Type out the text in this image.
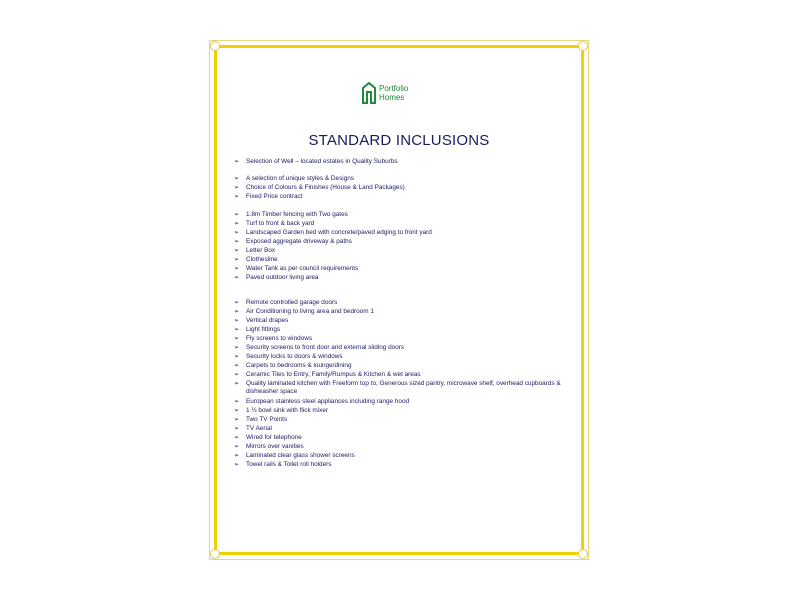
Portfolio
Homes
STANDARD INCLUSIONS
➢	Selection of Well – located estates in Quality Suburbs
➢	A selection of unique styles & Designs
➢	Choice of Colours & Finishes (House & Land Packages)
➢	Fixed Price contract
➢	1.8m Timber fencing with Two gates
➢	Turf to front & back yard
➢	Landscaped Garden bed with concrete/paved edging to front yard
➢	Exposed aggregate driveway & paths
➢	Letter Box
➢	Clothesline
➢	Water Tank as per council requirements
➢	Paved outdoor living area
➢	Remote controlled garage doors
➢	Air Conditioning to living area and bedroom 1
➢	Vertical drapes
➢	Light fittings
➢	Fly screens to windows
➢	Security screens to front door and external sliding doors
➢	Security locks to doors & windows
➢	Carpets to bedrooms & lounge/dining
➢	Ceramic Tiles to Entry, Family/Rumpus & Kitchen & wet areas
➢	Quality laminated kitchen with Freeform top to, Generous sized pantry, microwave shelf, overhead cupboards & dishwasher space
➢	European stainless steel appliances including range hood
➢	1 ½ bowl sink with flick mixer
➢	Two TV Points
➢	TV Aerial
➢	Wired for telephone
➢	Mirrors over vanities
➢	Laminated clear glass shower screens
➢	Towel rails & Toilet roll holders
